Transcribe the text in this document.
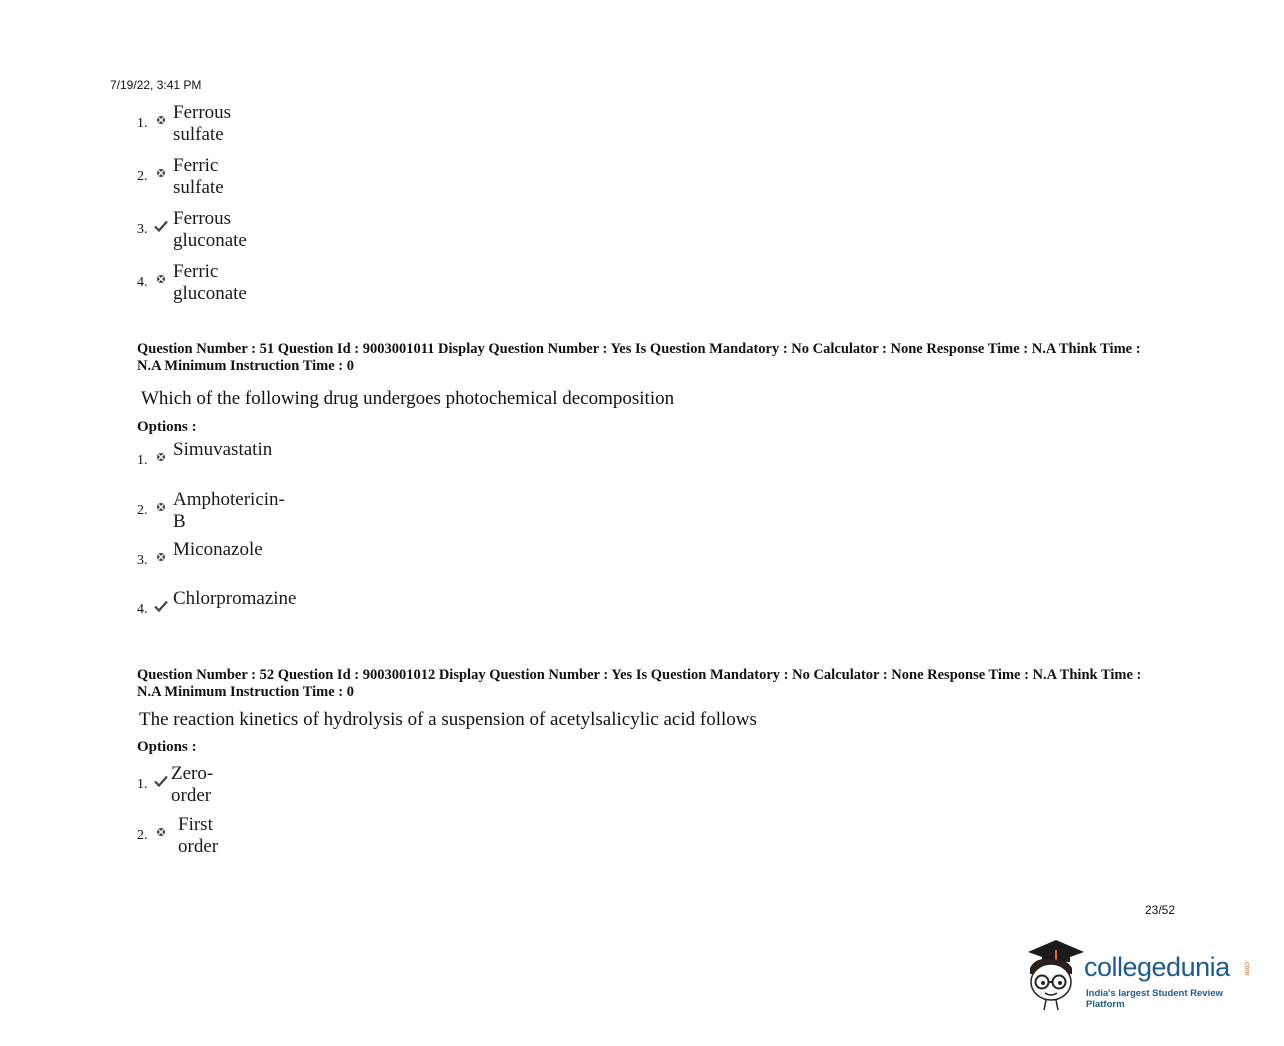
7/19/22, 3:41 PM
1.
Ferrous sulfate
2.
Ferric sulfate
3.
Ferrous gluconate
4.
Ferric gluconate
Question Number : 51 Question Id : 9003001011 Display Question Number : Yes Is Question Mandatory : No Calculator : None Response Time : N.A Think Time : N.A Minimum Instruction Time : 0
Which of the following drug undergoes photochemical decomposition
Options :
1.
Simuvastatin
2.
Amphotericin-B
3.
Miconazole
4.
Chlorpromazine
Question Number : 52 Question Id : 9003001012 Display Question Number : Yes Is Question Mandatory : No Calculator : None Response Time : N.A Think Time : N.A Minimum Instruction Time : 0
The reaction kinetics of hydrolysis of a suspension of acetylsalicylic acid follows
Options :
1.
Zero-order
2.
First order
23/52
collegedunia .com
India's largest Student Review Platform
